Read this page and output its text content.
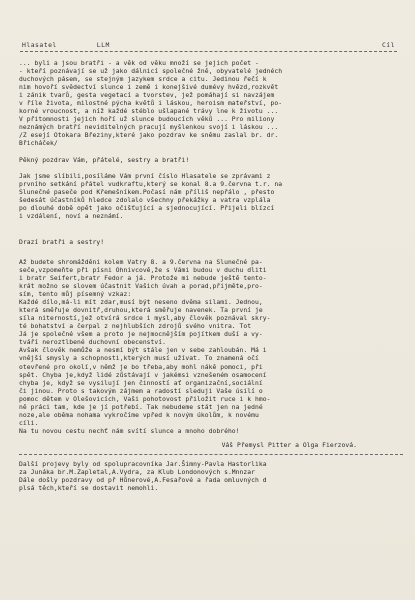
Hlasatel	LLM	Cíl

... byli a jsou bratři - a věk od věku množí se jejich počet -

- kteří poznávají se už jako dálnicí společné žně, obyvatelé jednéch

duchových pásem, se stejným jazykem srdce a citu. Jedinou řečí k

nim hovoří svědectví slunce i země i konejšivé dumévy hvězd,rozkvět

i zánik tvarů, gesta vegetací a tvorstev, jež pomáhají si navzájem

v říle života, milostné pýcha květů i láskou, heroism mateřství, po-

korné vroucnost, a níž každé stéblo ušlapané trávy lne k životu ...

V přitomnosti jejich hoří už slunce budoucích věků ... Pro miliony

neznámých bratří neviditelných pracují myšlenkou svojí i láskou ...

/Z esejí Otokara Březiny,které jako pozdrav ke sněmu zaslal br. dr.

Břicháček/

Pěkný pozdrav Vám, přátelé, sestry a bratři!

Jak jsme slíbili,posíláme Vám první číslo Hlasatele se zprávami z

prvního setkání přátel vudkraftu,který se konal 8.a 9.června t.r. na

Slunečné paseče pod Křemešníkem.Počasí nám příliš nepřálo , přesto

šedesát účastníků hledce zdolalo všechny překážky a vatra vzplála

po dlouhé době opět jako očišťující a sjednocující. Přijeli blízcí

i vzdálení, noví a neznámí.

Drazí bratři a sestry!

Až budete shromážděni kolem Vatry 8. a 9.června na Slunečné pa-

seče,vzpomeňte při písni Ohnivcově,že s Vámi budou v duchu dliti

i bratr Seifert,bratr Fedor a já. Protože mi nebude ještě tento-

krát možno se slovem účastnit Vašich úvah a porad,přijměte,pro-

sím, tento můj písemný vzkaz:

Každé dílo,má-li mít zdar,musí být neseno dvěma silami. Jednou,

která směřuje dovnitř,druhou,která směřuje navenek. Ta první je

síla niterností,jež otvírá srdce i mysl,aby člověk poznával skry-

té bohatství a čerpal z nejhlubších zdrojů svého vnitra. Tot

Já je společné všem a proto je nejmocnějším pojítkem duší a vy-

tváří neroztlbené duchovní obecenství.

Avšak člověk nemůže a nesmí být stále jen v sebe zahloubán. Má i

vnější smysly a schopnosti,kterých musí užívat. To znamená očí

otevřené pro okolí,v němž je bo třeba,aby mohl nákě pomoci, při

spět. Chyba je,když lidé zůstávají v jakémsi vznešeném osamocení

chyba je, když se vysilují jen činností ať organizační,sociální

či jinou. Proto s takovým zájmem a radostí sleduji Vaše úsilí o

pomoc dětem v Olešovicích, Vaši pohotovost přiložit ruce i k hmo-

ně práci tam, kde je jí potřebí. Tak nebudeme stát jen na jedné

noze,ale oběma nohama vykročíme vpřed k novým úkolům, k novému

cíli.

Na tu novou cestu nechť nám svítí slunce a mnoho dobrého!

Váš Přemysl Pitter a Olga Fierzová.

Další projevy byly od spolupracovníka Jar.Šimny-Pavla Hastorlika

za Junáka br.M.Zapletal,A.Vydra, za Klub Londonových s.Mnnzar

Dále došly pozdravy od př Hůnerové,A.Fesařové a řada omluvných d

plsá těch,kteří se dostavit nemohli.
